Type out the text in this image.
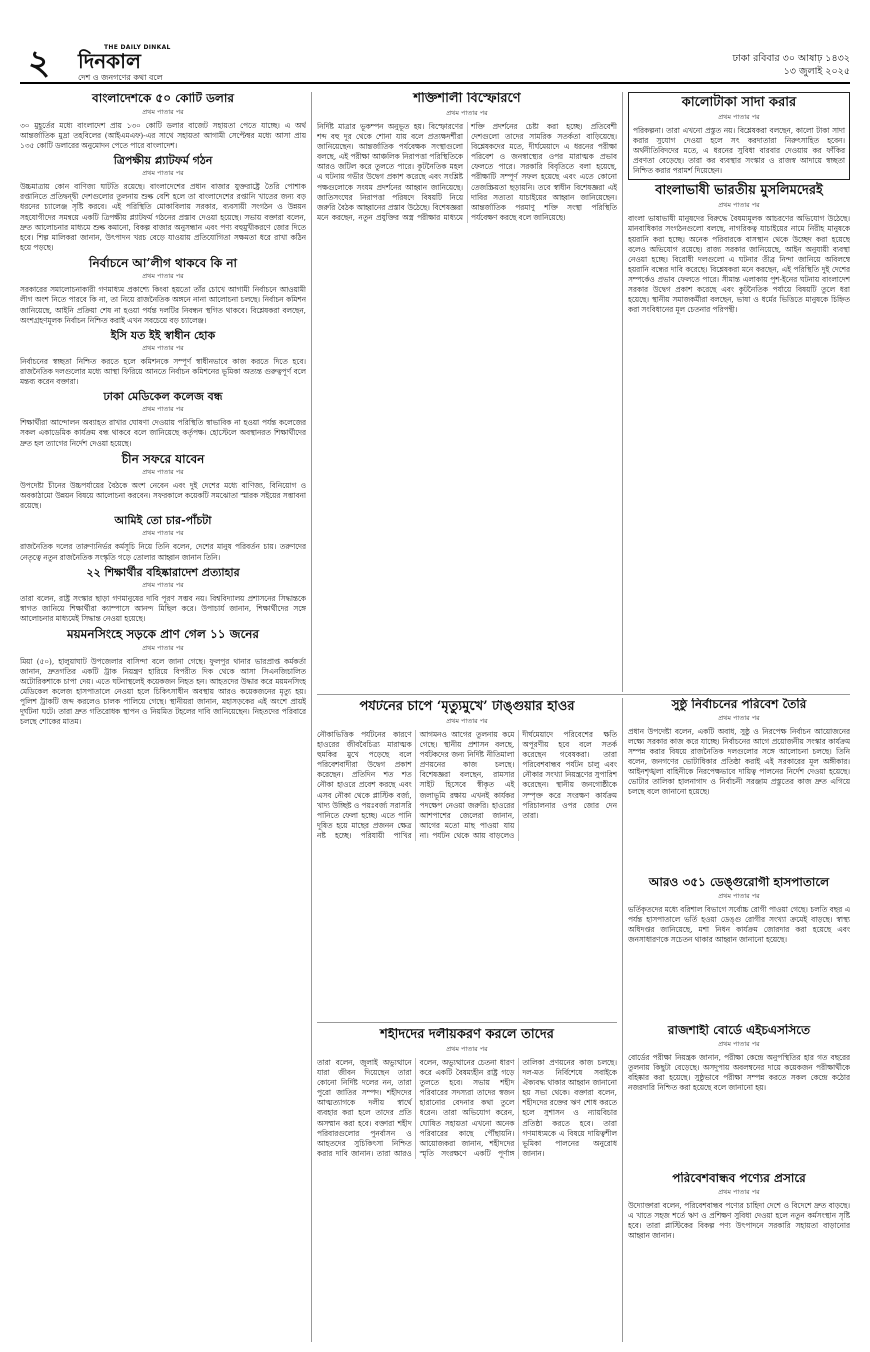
২	THE DAILY DINKAL
দিনকাল
দেশ ও জনগণের কথা বলে
ঢাকা রবিবার ৩০ আষাঢ় ১৪৩২
১৩ জুলাই ২০২৫
বাংলাদেশকে ৫০ কোটি ডলার
প্রথম পাতার পর
৩০ মুহূর্তের মধ্যে বাংলাদেশ প্রায় ১৩০ কোটি ডলার বাজেট সহায়তা পেতে যাচ্ছে। এ অর্থ আন্তর্জাতিক মুদ্রা তহবিলের (আইএমএফ)-এর সাথে সহায়তা আগামী সেপ্টেম্বর মধ্যে আসা প্রায় ১৩৫ কোটি ডলারের অনুমোদন পেতে পারে বাংলাদেশ।
ত্রিপক্ষীয় প্ল্যাটফর্ম গঠন
প্রথম পাতার পর
উচ্চমাত্রায় কোন বাণিজ্য ঘাটতি রয়েছে। বাংলাদেশের প্রধান বাজার যুক্তরাষ্ট্রে তৈরি পোশাক রপ্তানিতে প্রতিদ্বন্দ্বী দেশগুলোর তুলনায় শুল্ক বেশি হলে তা বাংলাদেশের রপ্তানি খাতের জন্য বড় ধরনের চ্যালেঞ্জ সৃষ্টি করবে। এই পরিস্থিতি মোকাবিলায় সরকার, ব্যবসায়ী সংগঠন ও উন্নয়ন সহযোগীদের সমন্বয়ে একটি ত্রিপক্ষীয় প্ল্যাটফর্ম গঠনের প্রস্তাব দেওয়া হয়েছে। সভায় বক্তারা বলেন, দ্রুত আলোচনার মাধ্যমে শুল্ক কমানো, বিকল্প বাজার অনুসন্ধান এবং পণ্য বহুমুখীকরণে জোর দিতে হবে। শিল্প মালিকরা জানান, উৎপাদন খরচ বেড়ে যাওয়ায় প্রতিযোগিতা সক্ষমতা ধরে রাখা কঠিন হয়ে পড়ছে।
নির্বাচনে আ’লীগ থাকবে কি না
প্রথম পাতার পর
সরকারের সমালোচনাকারী গণমাধ্যম প্রকাশ্যে কিংবা হয়তো তাঁর চোখে আগামী নির্বাচনে আওয়ামী লীগ অংশ নিতে পারবে কি না, তা নিয়ে রাজনৈতিক অঙ্গনে নানা আলোচনা চলছে। নির্বাচন কমিশন জানিয়েছে, আইনি প্রক্রিয়া শেষ না হওয়া পর্যন্ত দলটির নিবন্ধন স্থগিত থাকবে। বিশ্লেষকরা বলছেন, অংশগ্রহণমূলক নির্বাচন নিশ্চিত করাই এখন সবচেয়ে বড় চ্যালেঞ্জ।
ইসি যত ইই স্বাধীন হোক
প্রথম পাতার পর
নির্বাচনের স্বচ্ছতা নিশ্চিত করতে হলে কমিশনকে সম্পূর্ণ স্বাধীনভাবে কাজ করতে দিতে হবে। রাজনৈতিক দলগুলোর মধ্যে আস্থা ফিরিয়ে আনতে নির্বাচন কমিশনের ভূমিকা অত্যন্ত গুরুত্বপূর্ণ বলে মন্তব্য করেন বক্তারা।
ঢাকা মেডিকেল কলেজ বন্ধ
প্রথম পাতার পর
শিক্ষার্থীরা আন্দোলন অব্যাহত রাখার ঘোষণা দেওয়ায় পরিস্থিতি স্বাভাবিক না হওয়া পর্যন্ত কলেজের সকল একাডেমিক কার্যক্রম বন্ধ থাকবে বলে জানিয়েছে কর্তৃপক্ষ। হোস্টেলে অবস্থানরত শিক্ষার্থীদের দ্রুত হল ত্যাগের নির্দেশ দেওয়া হয়েছে।
চীন সফরে যাবেন
প্রথম পাতার পর
উপদেষ্টা চীনের উচ্চপর্যায়ের বৈঠকে অংশ নেবেন এবং দুই দেশের মধ্যে বাণিজ্য, বিনিয়োগ ও অবকাঠামো উন্নয়ন বিষয়ে আলোচনা করবেন। সফরকালে কয়েকটি সমঝোতা স্মারক সইয়ের সম্ভাবনা রয়েছে।
আমিই তো চার-পাঁচটা
প্রথম পাতার পর
রাজনৈতিক দলের তারুণ্যনির্ভর কর্মসূচি নিয়ে তিনি বলেন, দেশের মানুষ পরিবর্তন চায়। তরুণদের নেতৃত্বে নতুন রাজনৈতিক সংস্কৃতি গড়ে তোলার আহ্বান জানান তিনি।
২২ শিক্ষার্থীর বহিষ্কারাদেশ প্রত্যাহার
প্রথম পাতার পর
তারা বলেন, রাষ্ট্র সংস্কার ছাড়া গণমানুষের দাবি পূরণ সম্ভব নয়। বিশ্ববিদ্যালয় প্রশাসনের সিদ্ধান্তকে স্বাগত জানিয়ে শিক্ষার্থীরা ক্যাম্পাসে আনন্দ মিছিল করে। উপাচার্য জানান, শিক্ষার্থীদের সঙ্গে আলোচনার মাধ্যমেই সিদ্ধান্ত নেওয়া হয়েছে।
ময়মনসিংহে সড়কে প্রাণ গেল ১১ জনের
প্রথম পাতার পর
মিয়া (৫০), হালুয়াঘাট উপজেলার বাসিন্দা বলে জানা গেছে। ফুলপুর থানার ভারপ্রাপ্ত কর্মকর্তা জানান, দ্রুতগতির একটি ট্রাক নিয়ন্ত্রণ হারিয়ে বিপরীত দিক থেকে আসা সিএনজিচালিত অটোরিকশাকে চাপা দেয়। এতে ঘটনাস্থলেই কয়েকজন নিহত হন। আহতদের উদ্ধার করে ময়মনসিংহ মেডিকেল কলেজ হাসপাতালে নেওয়া হলে চিকিৎসাধীন অবস্থায় আরও কয়েকজনের মৃত্যু হয়। পুলিশ ট্রাকটি জব্দ করলেও চালক পালিয়ে গেছে। স্থানীয়রা জানান, মহাসড়কের এই অংশে প্রায়ই দুর্ঘটনা ঘটে। তারা দ্রুত গতিরোধক স্থাপন ও নিয়মিত টহলের দাবি জানিয়েছেন। নিহতদের পরিবারে চলছে শোকের মাতম।
শক্তিশালী বিস্ফোরণে
প্রথম পাতার পর
নির্দিষ্ট মাত্রার ভূকম্পন অনুভূত হয়। বিস্ফোরণের শব্দ বহু দূর থেকে শোনা যায় বলে প্রত্যক্ষদর্শীরা জানিয়েছেন। আন্তর্জাতিক পর্যবেক্ষক সংস্থাগুলো বলছে, এই পরীক্ষা আঞ্চলিক নিরাপত্তা পরিস্থিতিকে আরও জটিল করে তুলতে পারে। কূটনৈতিক মহল এ ঘটনায় গভীর উদ্বেগ প্রকাশ করেছে এবং সংশ্লিষ্ট পক্ষগুলোকে সংযম প্রদর্শনের আহ্বান জানিয়েছে। জাতিসংঘের নিরাপত্তা পরিষদে বিষয়টি নিয়ে জরুরি বৈঠক আহ্বানের প্রস্তাব উঠেছে। বিশেষজ্ঞরা মনে করছেন, নতুন প্রযুক্তির অস্ত্র পরীক্ষার মাধ্যমে শক্তি প্রদর্শনের চেষ্টা করা হচ্ছে। প্রতিবেশী দেশগুলো তাদের সামরিক সতর্কতা বাড়িয়েছে। বিশ্লেষকদের মতে, দীর্ঘমেয়াদে এ ধরনের পরীক্ষা পরিবেশ ও জনস্বাস্থ্যের ওপর মারাত্মক প্রভাব ফেলতে পারে। সরকারি বিবৃতিতে বলা হয়েছে, পরীক্ষাটি সম্পূর্ণ সফল হয়েছে এবং এতে কোনো তেজস্ক্রিয়তা ছড়ায়নি। তবে স্বাধীন বিশেষজ্ঞরা এই দাবির সত্যতা যাচাইয়ের আহ্বান জানিয়েছেন। আন্তর্জাতিক পরমাণু শক্তি সংস্থা পরিস্থিতি পর্যবেক্ষণ করছে বলে জানিয়েছে।
কালোটাকা সাদা করার
প্রথম পাতার পর
পরিকল্পনা। তারা এখনো প্রস্তুত নয়। বিশ্লেষকরা বলছেন, কালো টাকা সাদা করার সুযোগ দেওয়া হলে সৎ করদাতারা নিরুৎসাহিত হবেন। অর্থনীতিবিদদের মতে, এ ধরনের সুবিধা বারবার দেওয়ায় কর ফাঁকির প্রবণতা বেড়েছে। তারা কর ব্যবস্থার সংস্কার ও রাজস্ব আদায়ে স্বচ্ছতা নিশ্চিত করার পরামর্শ দিয়েছেন।
বাংলাভাষী ভারতীয় মুসলিমদেরই
প্রথম পাতার পর
বাংলা ভাষাভাষী মানুষদের বিরুদ্ধে বৈষম্যমূলক আচরণের অভিযোগ উঠেছে। মানবাধিকার সংগঠনগুলো বলছে, নাগরিকত্ব যাচাইয়ের নামে নিরীহ মানুষকে হয়রানি করা হচ্ছে। অনেক পরিবারকে বাসস্থান থেকে উচ্ছেদ করা হয়েছে বলেও অভিযোগ রয়েছে। রাজ্য সরকার জানিয়েছে, আইন অনুযায়ী ব্যবস্থা নেওয়া হচ্ছে। বিরোধী দলগুলো এ ঘটনার তীব্র নিন্দা জানিয়ে অবিলম্বে হয়রানি বন্ধের দাবি করেছে। বিশ্লেষকরা মনে করছেন, এই পরিস্থিতি দুই দেশের সম্পর্কেও প্রভাব ফেলতে পারে। সীমান্ত এলাকায় পুশ-ইনের ঘটনায় বাংলাদেশ সরকার উদ্বেগ প্রকাশ করেছে এবং কূটনৈতিক পর্যায়ে বিষয়টি তুলে ধরা হয়েছে। স্থানীয় সমাজকর্মীরা বলছেন, ভাষা ও ধর্মের ভিত্তিতে মানুষকে চিহ্নিত করা সংবিধানের মূল চেতনার পরিপন্থী।
সুষ্ঠু নির্বাচনের পরিবেশ তৈরি
প্রথম পাতার পর
প্রধান উপদেষ্টা বলেন, একটি অবাধ, সুষ্ঠু ও নিরপেক্ষ নির্বাচন আয়োজনের লক্ষ্যে সরকার কাজ করে যাচ্ছে। নির্বাচনের আগে প্রয়োজনীয় সংস্কার কার্যক্রম সম্পন্ন করার বিষয়ে রাজনৈতিক দলগুলোর সঙ্গে আলোচনা চলছে। তিনি বলেন, জনগণের ভোটাধিকার প্রতিষ্ঠা করাই এই সরকারের মূল অঙ্গীকার। আইনশৃঙ্খলা বাহিনীকে নিরপেক্ষভাবে দায়িত্ব পালনের নির্দেশ দেওয়া হয়েছে। ভোটার তালিকা হালনাগাদ ও নির্বাচনী সরঞ্জাম প্রস্তুতের কাজ দ্রুত এগিয়ে চলছে বলে জানানো হয়েছে।
পর্যটনের চাপে ‘মৃত্যুমুখে’ টাঙ্গুয়ার হাওর
প্রথম পাতার পর
নৌকাভিত্তিক পর্যটনের কারণে হাওরের জীববৈচিত্র্য মারাত্মক হুমকির মুখে পড়েছে বলে পরিবেশবাদীরা উদ্বেগ প্রকাশ করেছেন। প্রতিদিন শত শত নৌকা হাওরে প্রবেশ করছে এবং এসব নৌকা থেকে প্লাস্টিক বর্জ্য, খাদ্য উচ্ছিষ্ট ও পয়ঃবর্জ্য সরাসরি পানিতে ফেলা হচ্ছে। এতে পানি দূষিত হয়ে মাছের প্রজনন ক্ষেত্র নষ্ট হচ্ছে। পরিযায়ী পাখির আগমনও আগের তুলনায় কমে গেছে। স্থানীয় প্রশাসন বলছে, পর্যটকদের জন্য নির্দিষ্ট নীতিমালা প্রণয়নের কাজ চলছে। বিশেষজ্ঞরা বলছেন, রামসার সাইট হিসেবে স্বীকৃত এই জলাভূমি রক্ষায় এখনই কার্যকর পদক্ষেপ নেওয়া জরুরি। হাওরের আশপাশের জেলেরা জানান, আগের মতো মাছ পাওয়া যায় না। পর্যটন থেকে আয় বাড়লেও দীর্ঘমেয়াদে পরিবেশের ক্ষতি অপূরণীয় হবে বলে সতর্ক করেছেন গবেষকরা। তারা পরিবেশবান্ধব পর্যটন চালু এবং নৌকার সংখ্যা নিয়ন্ত্রণের সুপারিশ করেছেন। স্থানীয় জনগোষ্ঠীকে সম্পৃক্ত করে সংরক্ষণ কার্যক্রম পরিচালনার ওপর জোর দেন তারা।
আরও ৩৫১ ডেঙ্গুরোগী হাসপাতালে
প্রথম পাতার পর
ভর্তিকৃতদের মধ্যে বরিশাল বিভাগে সর্বোচ্চ রোগী পাওয়া গেছে। চলতি বছর এ পর্যন্ত হাসপাতালে ভর্তি হওয়া ডেঙ্গু রোগীর সংখ্যা ক্রমেই বাড়ছে। স্বাস্থ্য অধিদপ্তর জানিয়েছে, মশা নিধন কার্যক্রম জোরদার করা হয়েছে এবং জনসাধারণকে সচেতন থাকার আহ্বান জানানো হয়েছে।
শহীদদের দলীয়করণ করলে তাদের
প্রথম পাতার পর
তারা বলেন, জুলাই অভ্যুত্থানে যারা জীবন দিয়েছেন তারা কোনো নির্দিষ্ট দলের নন, তারা পুরো জাতির সম্পদ। শহীদদের আত্মত্যাগকে দলীয় স্বার্থে ব্যবহার করা হলে তাদের প্রতি অসম্মান করা হবে। বক্তারা শহীদ পরিবারগুলোর পুনর্বাসন ও আহতদের সুচিকিৎসা নিশ্চিত করার দাবি জানান। তারা আরও বলেন, অভ্যুত্থানের চেতনা ধারণ করে একটি বৈষম্যহীন রাষ্ট্র গড়ে তুলতে হবে। সভায় শহীদ পরিবারের সদস্যরা তাদের স্বজন হারানোর বেদনার কথা তুলে ধরেন। তারা অভিযোগ করেন, ঘোষিত সহায়তা এখনো অনেক পরিবারের কাছে পৌঁছায়নি। আয়োজকরা জানান, শহীদদের স্মৃতি সংরক্ষণে একটি পূর্ণাঙ্গ তালিকা প্রণয়নের কাজ চলছে। দল-মত নির্বিশেষে সবাইকে ঐক্যবদ্ধ থাকার আহ্বান জানানো হয় সভা থেকে। বক্তারা বলেন, শহীদদের রক্তের ঋণ শোধ করতে হলে সুশাসন ও ন্যায়বিচার প্রতিষ্ঠা করতে হবে। তারা গণমাধ্যমকে এ বিষয়ে দায়িত্বশীল ভূমিকা পালনের অনুরোধ জানান।
রাজশাহী বোর্ডে এইচএসসিতে
প্রথম পাতার পর
বোর্ডের পরীক্ষা নিয়ন্ত্রক জানান, পরীক্ষা কেন্দ্রে অনুপস্থিতির হার গত বছরের তুলনায় কিছুটা বেড়েছে। অসদুপায় অবলম্বনের দায়ে কয়েকজন পরীক্ষার্থীকে বহিষ্কার করা হয়েছে। সুষ্ঠুভাবে পরীক্ষা সম্পন্ন করতে সকল কেন্দ্রে কঠোর নজরদারি নিশ্চিত করা হয়েছে বলে জানানো হয়।
পরিবেশবান্ধব পণ্যের প্রসারে
প্রথম পাতার পর
উদ্যোক্তারা বলেন, পরিবেশবান্ধব পণ্যের চাহিদা দেশে ও বিদেশে দ্রুত বাড়ছে। এ খাতে সহজ শর্তে ঋণ ও প্রশিক্ষণ সুবিধা দেওয়া হলে নতুন কর্মসংস্থান সৃষ্টি হবে। তারা প্লাস্টিকের বিকল্প পণ্য উৎপাদনে সরকারি সহায়তা বাড়ানোর আহ্বান জানান।
